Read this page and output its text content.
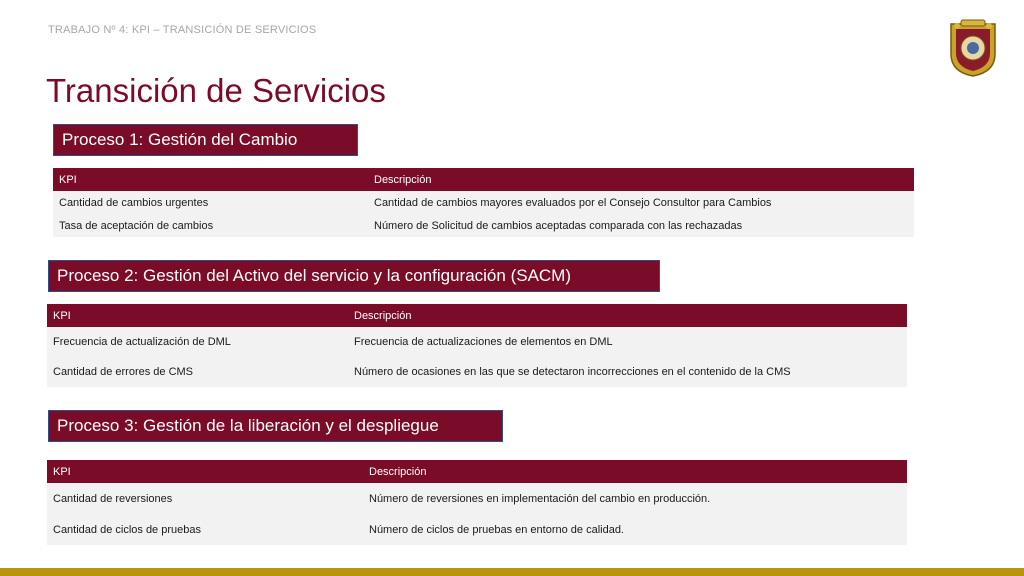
TRABAJO Nº 4: KPI – TRANSICIÓN DE SERVICIOS
Transición de Servicios
Proceso 1: Gestión del Cambio
KPI	Descripción
Cantidad de cambios urgentes	Cantidad de cambios mayores evaluados por el Consejo Consultor para Cambios
Tasa de aceptación de cambios	Número de Solicitud de cambios aceptadas comparada con las rechazadas
Proceso 2: Gestión del Activo del servicio y la configuración (SACM)
KPI	Descripción
Frecuencia de actualización de DML	Frecuencia de actualizaciones de elementos en DML
Cantidad de errores de CMS	Número de ocasiones en las que se detectaron incorrecciones en el contenido de la CMS
Proceso 3: Gestión de la liberación y el despliegue
KPI	Descripción
Cantidad de reversiones	Número de reversiones en implementación del cambio en producción.
Cantidad de ciclos de pruebas	Número de ciclos de pruebas en entorno de calidad.
